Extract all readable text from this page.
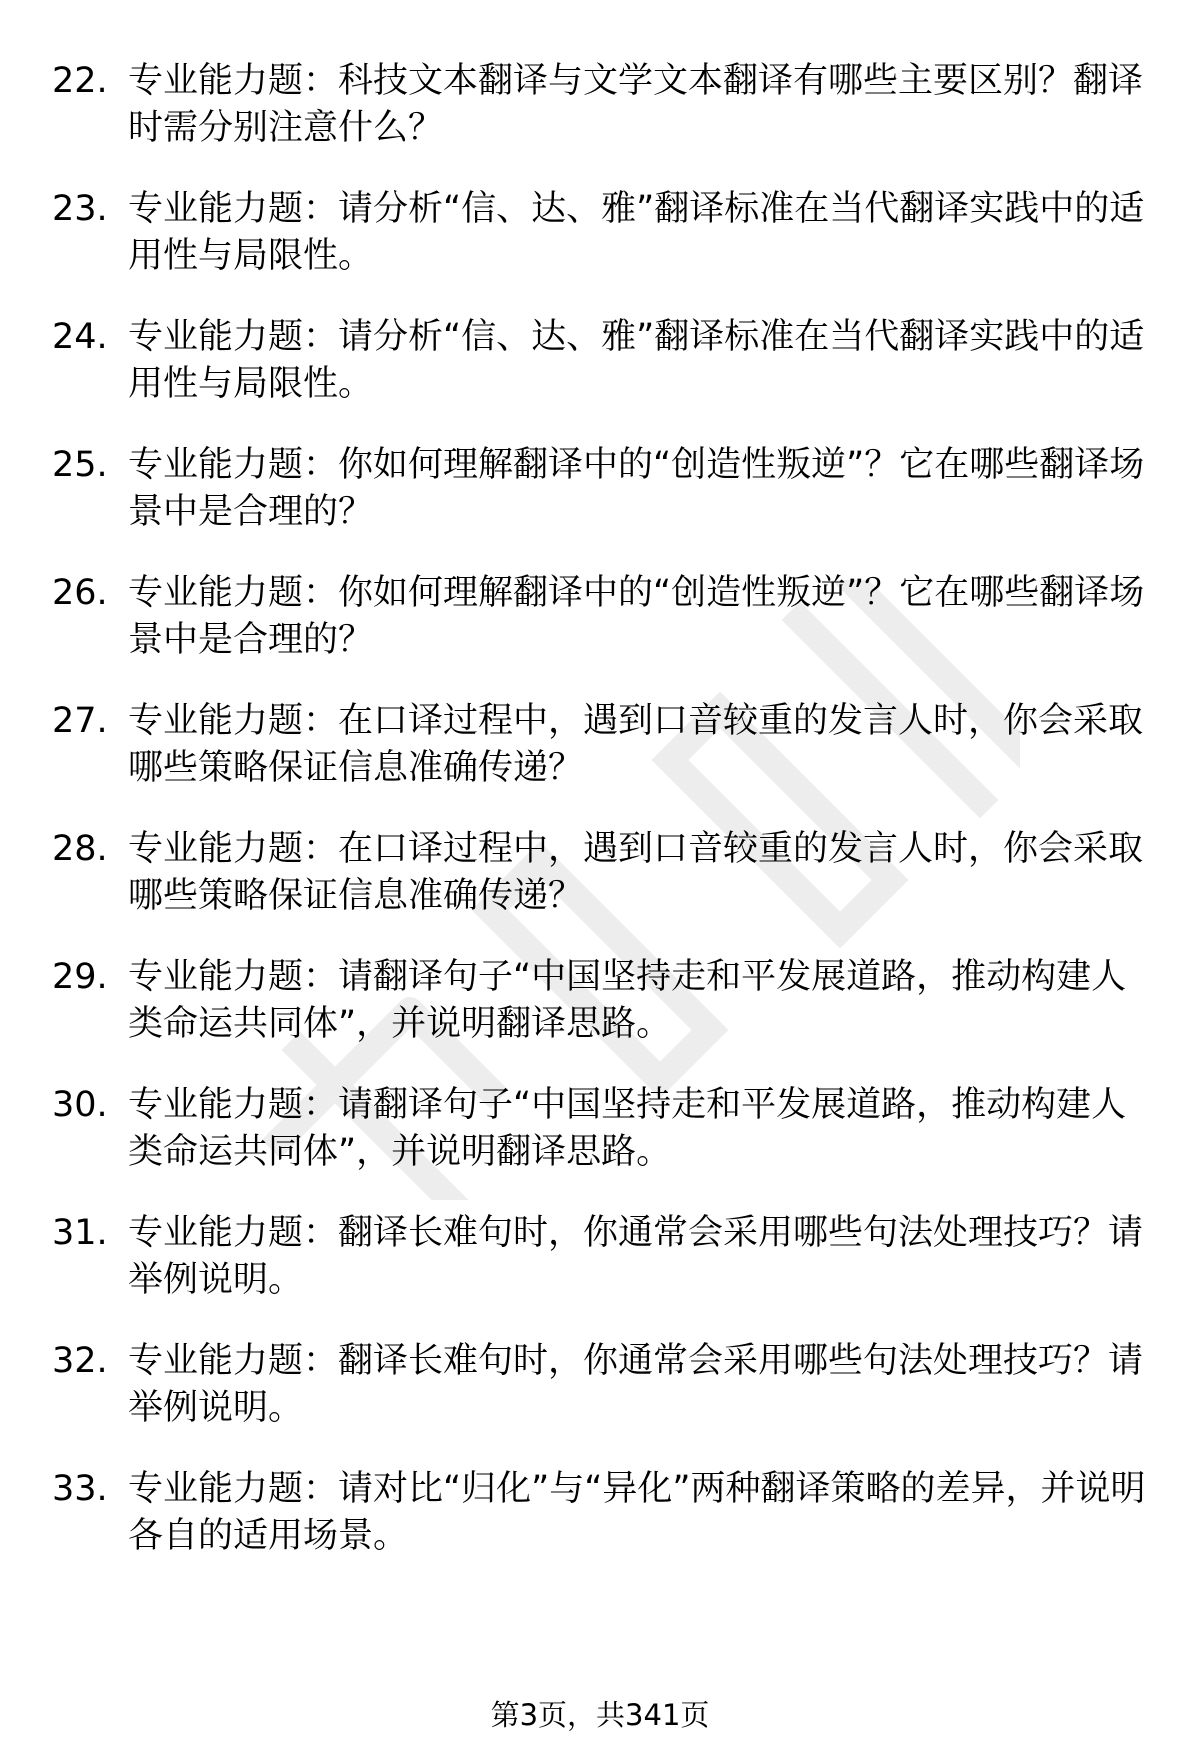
22. 专业能力题：科技文本翻译与文学文本翻译有哪些主要区别？翻译时需分别注意什么？
23. 专业能力题：请分析“信、达、雅”翻译标准在当代翻译实践中的适用性与局限性。
24. 专业能力题：请分析“信、达、雅”翻译标准在当代翻译实践中的适用性与局限性。
25. 专业能力题：你如何理解翻译中的“创造性叛逆”？它在哪些翻译场景中是合理的？
26. 专业能力题：你如何理解翻译中的“创造性叛逆”？它在哪些翻译场景中是合理的？
27. 专业能力题：在口译过程中，遇到口音较重的发言人时，你会采取哪些策略保证信息准确传递？
28. 专业能力题：在口译过程中，遇到口音较重的发言人时，你会采取哪些策略保证信息准确传递？
29. 专业能力题：请翻译句子“中国坚持走和平发展道路，推动构建人类命运共同体”，并说明翻译思路。
30. 专业能力题：请翻译句子“中国坚持走和平发展道路，推动构建人类命运共同体”，并说明翻译思路。
31. 专业能力题：翻译长难句时，你通常会采用哪些句法处理技巧？请举例说明。
32. 专业能力题：翻译长难句时，你通常会采用哪些句法处理技巧？请举例说明。
33. 专业能力题：请对比“归化”与“异化”两种翻译策略的差异，并说明各自的适用场景。
第3页，共341页
